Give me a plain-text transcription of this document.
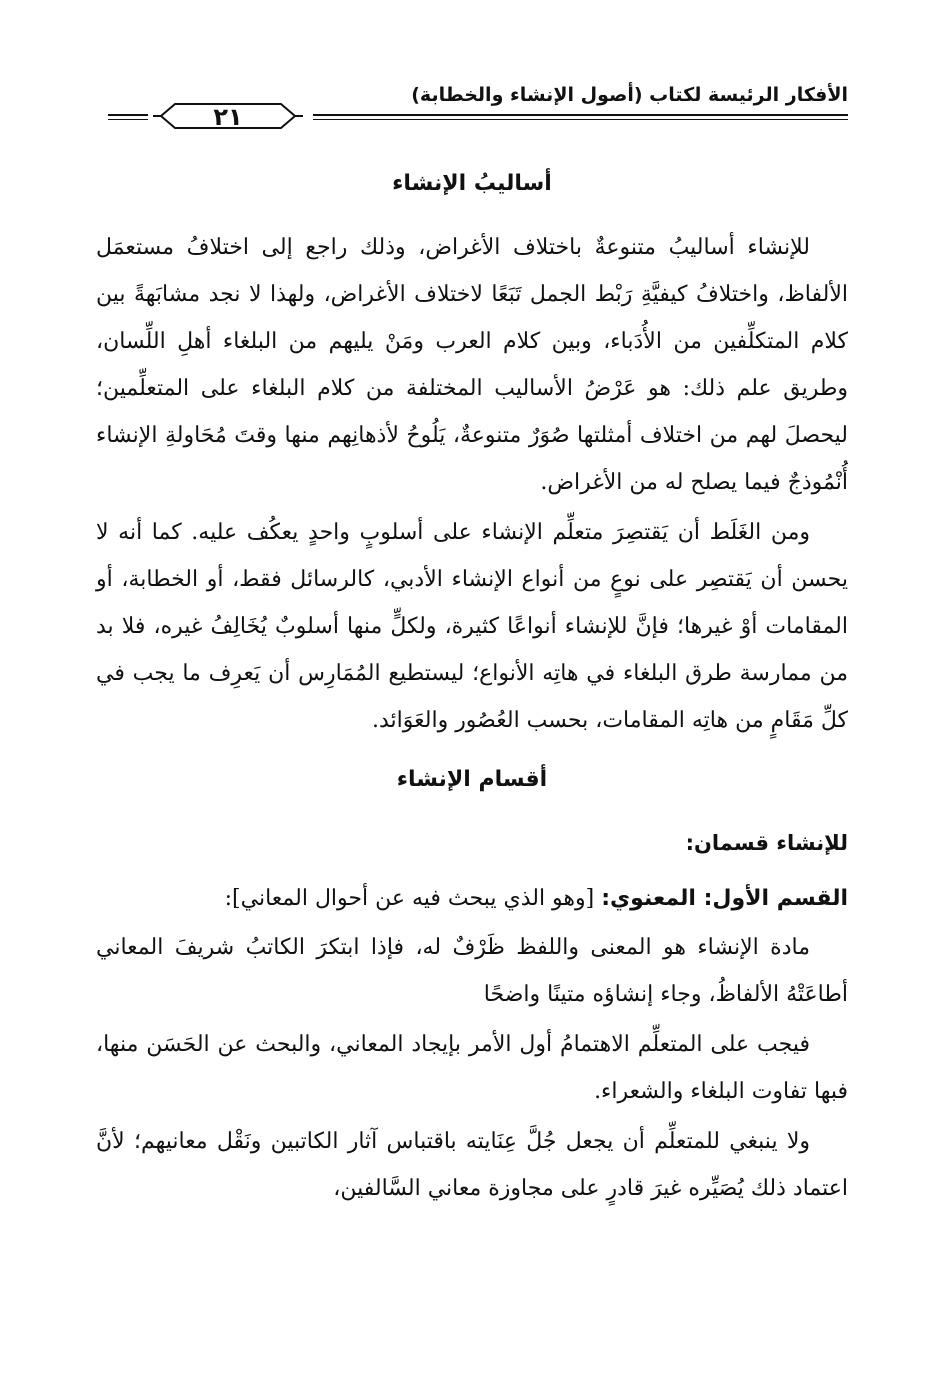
الأفكار الرئيسة لكتاب (أصول الإنشاء والخطابة)
٢١
أساليبُ الإنشاء

للإنشاء أساليبُ متنوعةٌ باختلاف الأغراض، وذلك راجع إلى اختلافُ مستعمَل الألفاظ، واختلافُ كيفيَّةِ رَبْط الجمل تَبَعًا لاختلاف الأغراض، ولهذا لا نجد مشابَهةً بين كلام المتكلِّفين من الأُدَباء، وبين كلام العرب ومَنْ يليهم من البلغاء أهلِ اللِّسان، وطريق علم ذلك: هو عَرْضُ الأساليب المختلفة من كلام البلغاء على المتعلِّمين؛ ليحصلَ لهم من اختلاف أمثلتها صُوَرٌ متنوعةٌ، يَلُوحُ لأذهانِهم منها وقتَ مُحَاولةِ الإنشاء أُنْمُوذجٌ فيما يصلح له من الأغراض.

ومن الغَلَط أن يَقتصِرَ متعلِّم الإنشاء على أسلوبٍ واحدٍ يعكُف عليه. كما أنه لا يحسن أن يَقتصِر على نوعٍ من أنواع الإنشاء الأدبي، كالرسائل فقط، أو الخطابة، أو المقامات أوْ غيرها؛ فإنَّ للإنشاء أنواعًا كثيرة، ولكلٍّ منها أسلوبٌ يُخَالِفُ غيره، فلا بد من ممارسة طرق البلغاء في هاتِه الأنواع؛ ليستطيع المُمَارِس أن يَعرِف ما يجب في كلِّ مَقَامٍ من هاتِه المقامات، بحسب العُصُور والعَوَائد.

أقسام الإنشاء
للإنشاء قسمان:
القسم الأول: المعنوي: [وهو الذي يبحث فيه عن أحوال المعاني]:

مادة الإنشاء هو المعنى واللفظ ظَرْفٌ له، فإذا ابتكرَ الكاتبُ شريفَ المعاني أطاعَتْهُ الألفاظُ، وجاء إنشاؤه متينًا واضحًا

فيجب على المتعلِّم الاهتمامُ أول الأمر بإيجاد المعاني، والبحث عن الحَسَن منها، فبها تفاوت البلغاء والشعراء.

ولا ينبغي للمتعلِّم أن يجعل جُلَّ عِنَايته باقتباس آثار الكاتبين ونَقْل معانيهم؛ لأنَّ اعتماد ذلك يُصَيِّره غيرَ قادرٍ على مجاوزة معاني السَّالفين،
